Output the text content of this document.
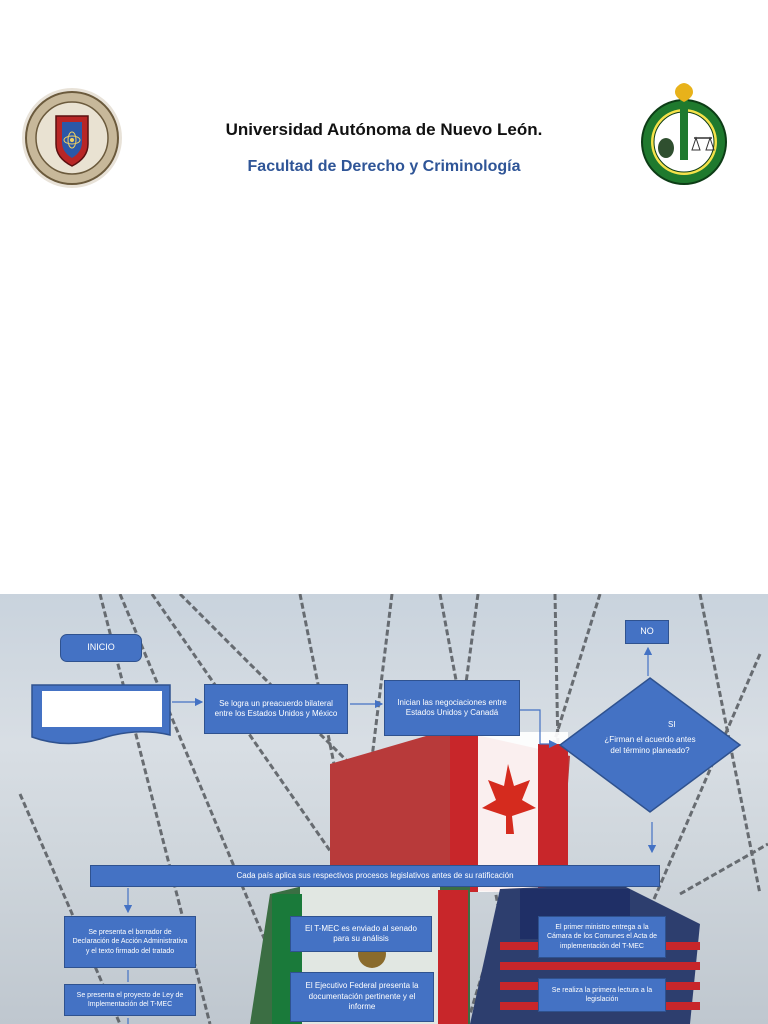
Universidad Autónoma de Nuevo León.
Facultad de Derecho y Criminología
INICIO
Se logra un preacuerdo bilateral entre los Estados Unidos y México
Inician las negociaciones entre Estados Unidos y Canadá
¿Firman el acuerdo antes del término planeado?
SI
NO
Cada país aplica sus respectivos procesos legislativos antes de su ratificación
Se presenta el borrador de Declaración de Acción Administrativa y el texto firmado del tratado
Se presenta el proyecto de Ley de Implementación del T-MEC
El T-MEC es enviado al senado para su análisis
El Ejecutivo Federal presenta la documentación pertinente y el informe
El primer ministro entrega a la Cámara de los Comunes el Acta de implementación del T-MEC
Se realiza la primera lectura a la legislación
